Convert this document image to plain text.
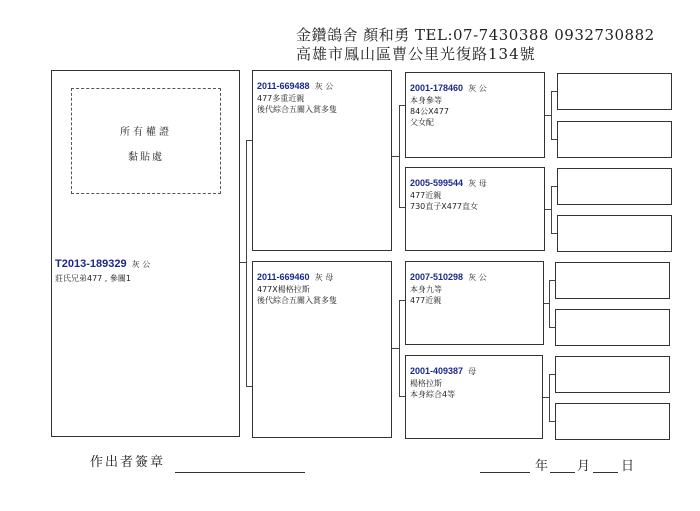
金鑽鴿舍 顏和勇 TEL:07-7430388 0932730882
高雄市鳳山區曹公里光復路134號
所有權證
黏貼處
T2013-189329 灰 公
莊氏兄弟477 , 參關1
2011-669488 灰 公
477多重近親
後代綜合五關入賞多隻
2011-669460 灰 母
477X楊格拉斯
後代綜合五關入賞多隻
2001-178460 灰 公
本身參等
84公X477
父女配
2005-599544 灰 母
477近親
730直子X477直女
2007-510298 灰 公
本身九等
477近親
2001-409387 母
楊格拉斯
本身綜合4等
作出者簽章	年 月 日
